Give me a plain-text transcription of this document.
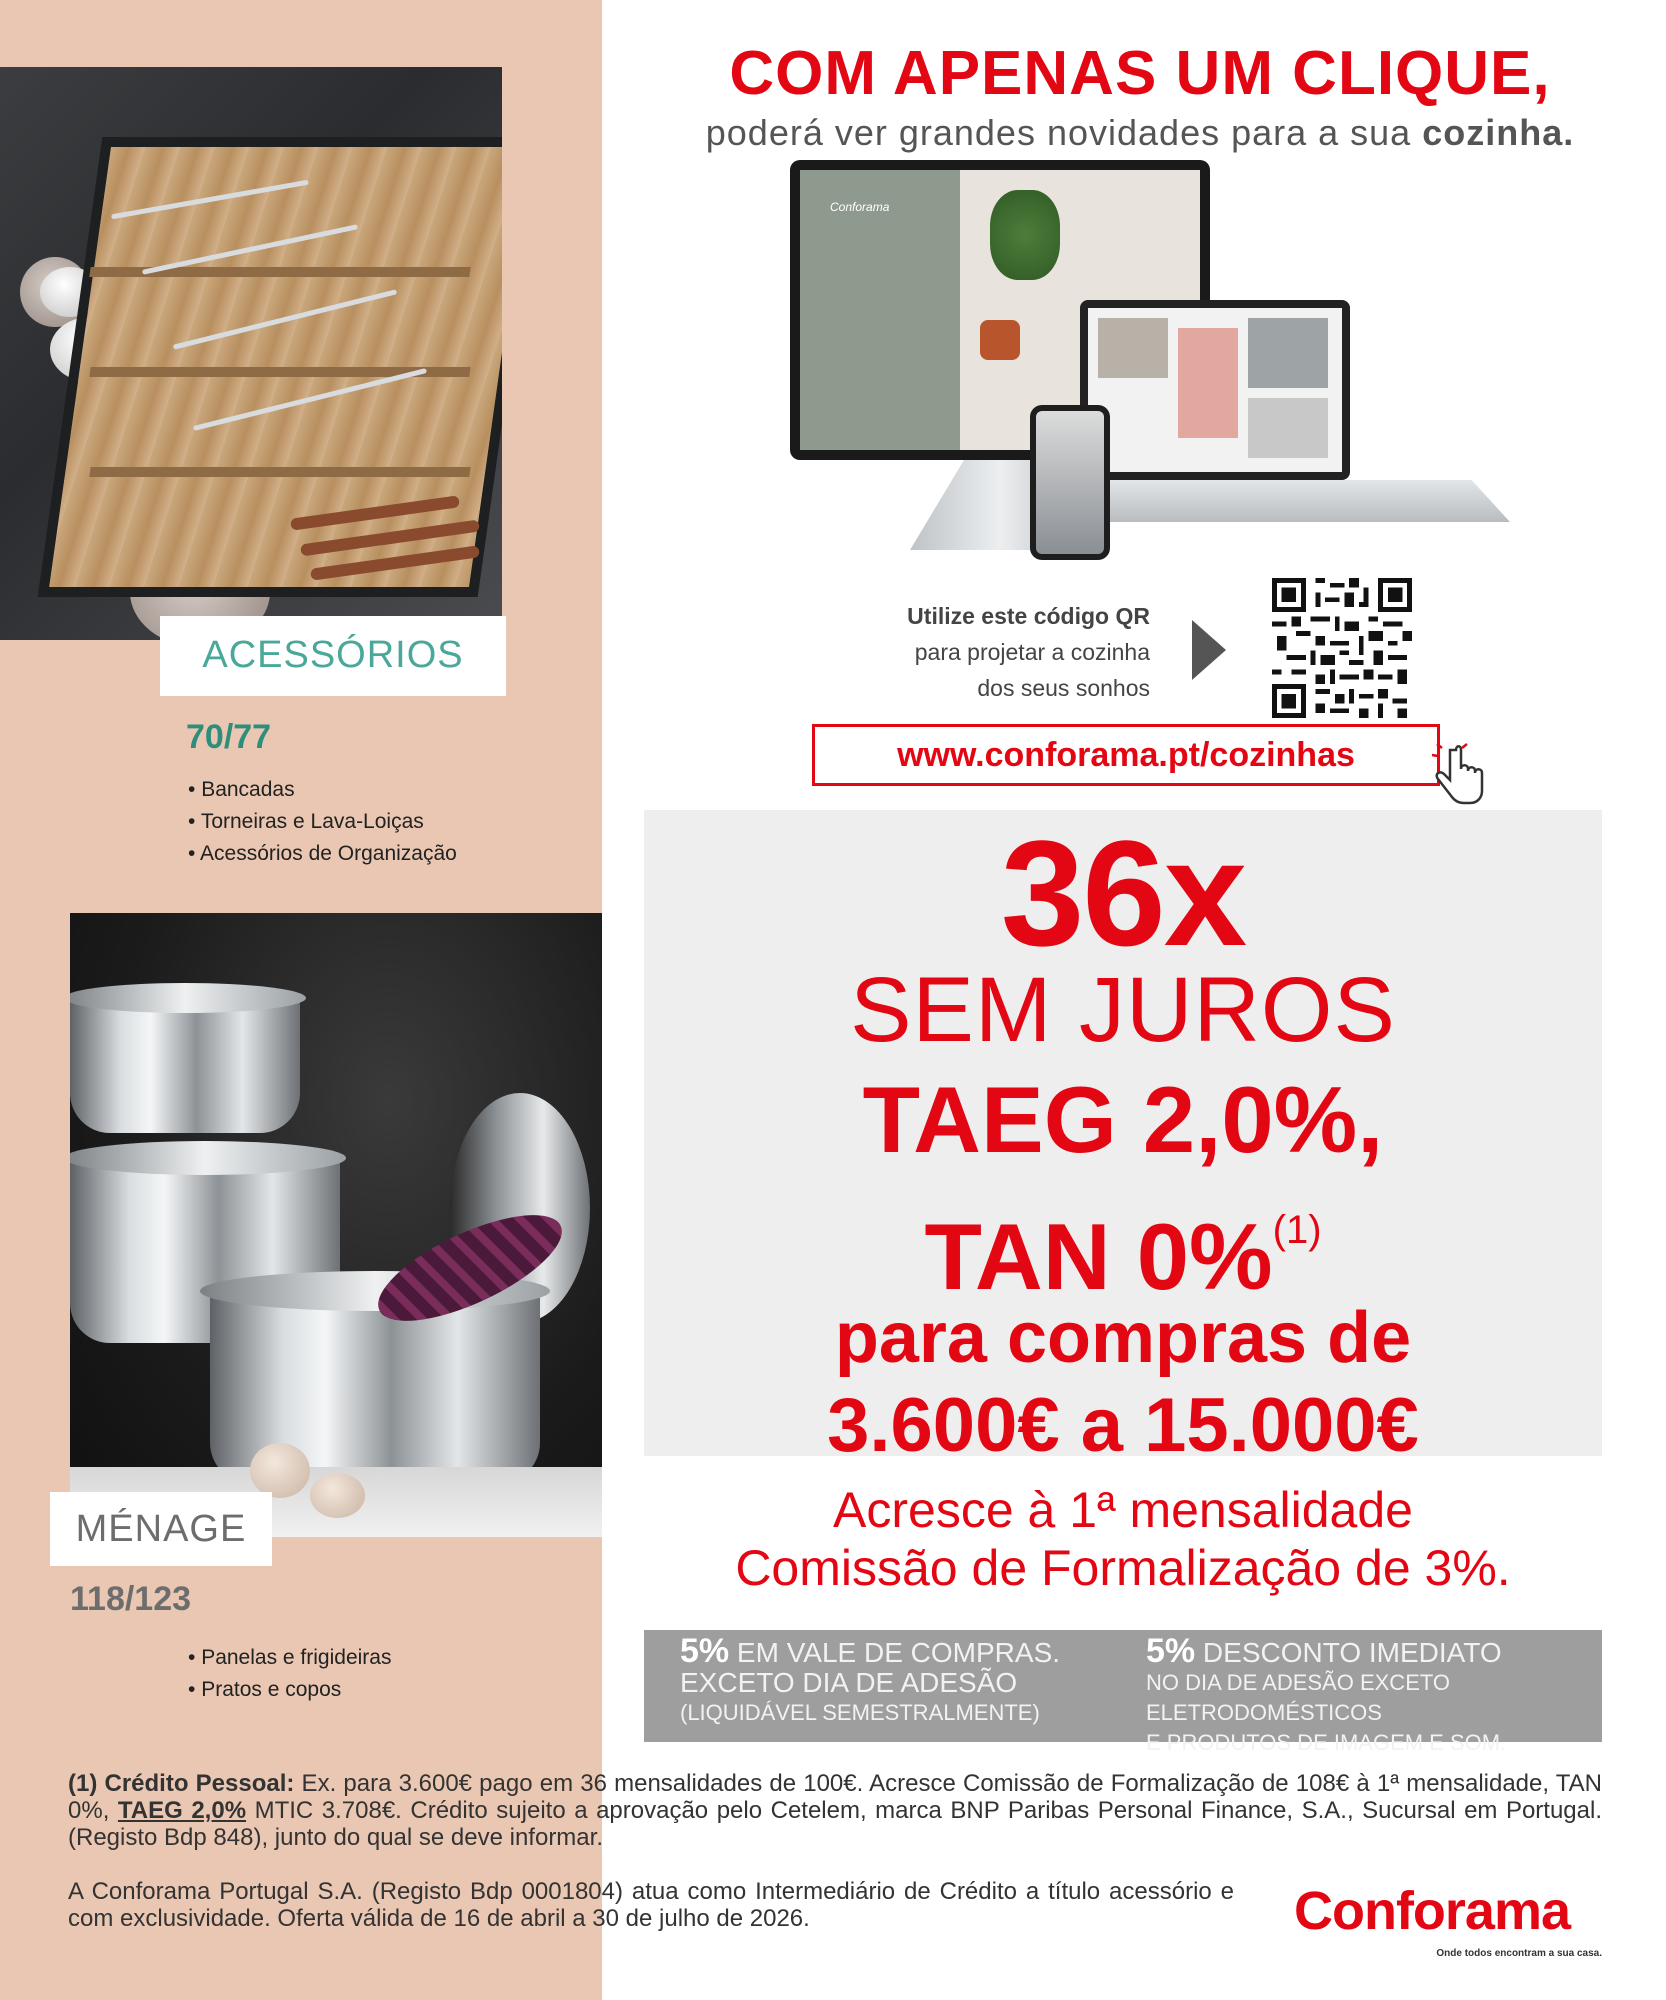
ACESSÓRIOS
70/77
• Bancadas
• Torneiras e Lava-Loiças
• Acessórios de Organização
MÉNAGE
118/123
• Panelas e frigideiras
• Pratos e copos
COM APENAS UM CLIQUE,
poderá ver grandes novidades para a sua cozinha.
Conforama
Utilize este código QR
para projetar a cozinha
dos seus sonhos
www.conforama.pt/cozinhas
36x
SEM JUROS
TAEG 2,0%,
TAN 0%$^{(1)}$
para compras de
3.600€ a 15.000€
Acresce à 1ª mensalidade
Comissão de Formalização de 3%.
5% EM VALE DE COMPRAS.
EXCETO DIA DE ADESÃO
(LIQUIDÁVEL SEMESTRALMENTE)
5% DESCONTO IMEDIATO
NO DIA DE ADESÃO EXCETO
ELETRODOMÉSTICOS
E PRODUTOS DE IMAGEM E SOM.
(1) Crédito Pessoal: Ex. para 3.600€ pago em 36 mensalidades de 100€. Acresce Comissão de Formalização de 108€ à 1ª mensalidade, TAN 0%, TAEG 2,0% MTIC 3.708€. Crédito sujeito a aprovação pelo Cetelem, marca BNP Paribas Personal Finance, S.A., Sucursal em Portugal. (Registo Bdp 848), junto do qual se deve informar.
A Conforama Portugal S.A. (Registo Bdp 0001804) atua como Intermediário de Crédito a título acessório e com exclusividade. Oferta válida de 16 de abril a 30 de julho de 2026.	Conforama
Onde todos encontram a sua casa.
